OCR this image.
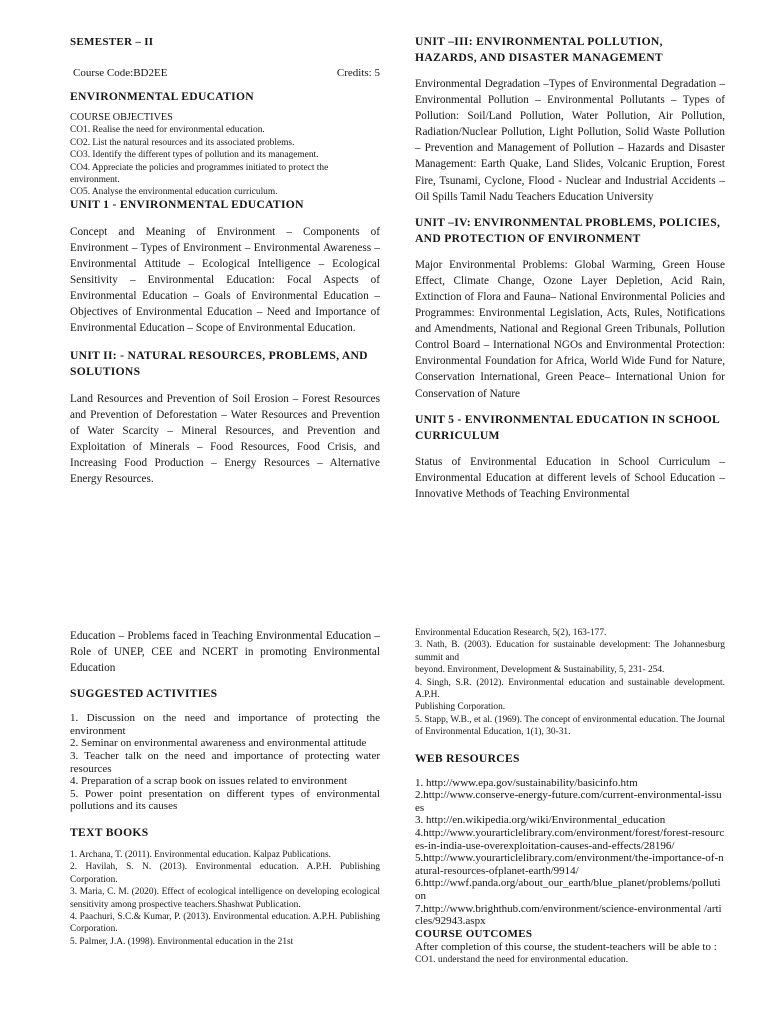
SEMESTER – II
Course Code:BD2EE	Credits: 5
ENVIRONMENTAL EDUCATION
COURSE OBJECTIVES
CO1. Realise the need for environmental education.
CO2. List the natural resources and its associated problems.
CO3. Identify the different types of pollution and its management.
CO4. Appreciate the policies and programmes initiated to protect the environment.
CO5. Analyse the environmental education curriculum.
UNIT 1 - ENVIRONMENTAL EDUCATION

Concept and Meaning of Environment – Components of Environment – Types of Environment – Environmental Awareness – Environmental Attitude – Ecological Intelligence – Ecological Sensitivity – Environmental Education: Focal Aspects of Environmental Education – Goals of Environmental Education – Objectives of Environmental Education – Need and Importance of Environmental Education – Scope of Environmental Education.

UNIT II: - NATURAL RESOURCES, PROBLEMS, AND SOLUTIONS

Land Resources and Prevention of Soil Erosion – Forest Resources and Prevention of Deforestation – Water Resources and Prevention of Water Scarcity – Mineral Resources, and Prevention and Exploitation of Minerals – Food Resources, Food Crisis, and Increasing Food Production – Energy Resources – Alternative Energy Resources.

UNIT –III: ENVIRONMENTAL POLLUTION, HAZARDS, AND DISASTER MANAGEMENT

Environmental Degradation –Types of Environmental Degradation – Environmental Pollution – Environmental Pollutants – Types of Pollution: Soil/Land Pollution, Water Pollution, Air Pollution, Radiation/Nuclear Pollution, Light Pollution, Solid Waste Pollution – Prevention and Management of Pollution – Hazards and Disaster Management: Earth Quake, Land Slides, Volcanic Eruption, Forest Fire, Tsunami, Cyclone, Flood - Nuclear and Industrial Accidents – Oil Spills Tamil Nadu Teachers Education University

UNIT –IV: ENVIRONMENTAL PROBLEMS, POLICIES, AND PROTECTION OF ENVIRONMENT

Major Environmental Problems: Global Warming, Green House Effect, Climate Change, Ozone Layer Depletion, Acid Rain, Extinction of Flora and Fauna– National Environmental Policies and Programmes: Environmental Legislation, Acts, Rules, Notifications and Amendments, National and Regional Green Tribunals, Pollution Control Board – International NGOs and Environmental Protection: Environmental Foundation for Africa, World Wide Fund for Nature, Conservation International, Green Peace– International Union for Conservation of Nature

UNIT 5 - ENVIRONMENTAL EDUCATION IN SCHOOL CURRICULUM

Status of Environmental Education in School Curriculum – Environmental Education at different levels of School Education –Innovative Methods of Teaching Environmental

Education – Problems faced in Teaching Environmental Education – Role of UNEP, CEE and NCERT in promoting Environmental Education

SUGGESTED ACTIVITIES
1. Discussion on the need and importance of protecting the environment
2. Seminar on environmental awareness and environmental attitude
3. Teacher talk on the need and importance of protecting water resources
4. Preparation of a scrap book on issues related to environment
5. Power point presentation on different types of environmental pollutions and its causes
TEXT BOOKS
1. Archana, T. (2011). Environmental education. Kalpaz Publications.
2. Havilah, S. N. (2013). Environmental education. A.P.H. Publishing Corporation.
3. Maria, C. M. (2020). Effect of ecological intelligence on developing ecological sensitivity among prospective teachers.Shashwat Publication.
4. Paachuri, S.C.& Kumar, P. (2013). Environmental education. A.P.H. Publishing Corporation.
5. Palmer, J.A. (1998). Environmental education in the 21st
Environmental Education Research, 5(2), 163-177.
3. Nath, B. (2003). Education for sustainable development: The Johannesburg summit and
beyond. Environment, Development & Sustainability, 5, 231- 254.
4. Singh, S.R. (2012). Environmental education and sustainable development. A.P.H.
Publishing Corporation.
5. Stapp, W.B., et al. (1969). The concept of environmental education. The Journal of Environmental Education, 1(1), 30-31.
WEB RESOURCES
1. http://www.epa.gov/sustainability/basicinfo.htm
2.http://www.conserve-energy-future.com/current-environmental-issues
3. http://en.wikipedia.org/wiki/Environmental_education
4.http://www.yourarticlelibrary.com/environment/forest/forest-resources-in-india-use-overexploitation-causes-and-effects/28196/
5.http://www.yourarticlelibrary.com/environment/the-importance-of-natural-resources-ofplanet-earth/9914/
6.http://wwf.panda.org/about_our_earth/blue_planet/problems/pollution
7.http://www.brighthub.com/environment/science-environmental /articles/92943.aspx
COURSE OUTCOMES
After completion of this course, the student-teachers will be able to :
CO1. understand the need for environmental education.
